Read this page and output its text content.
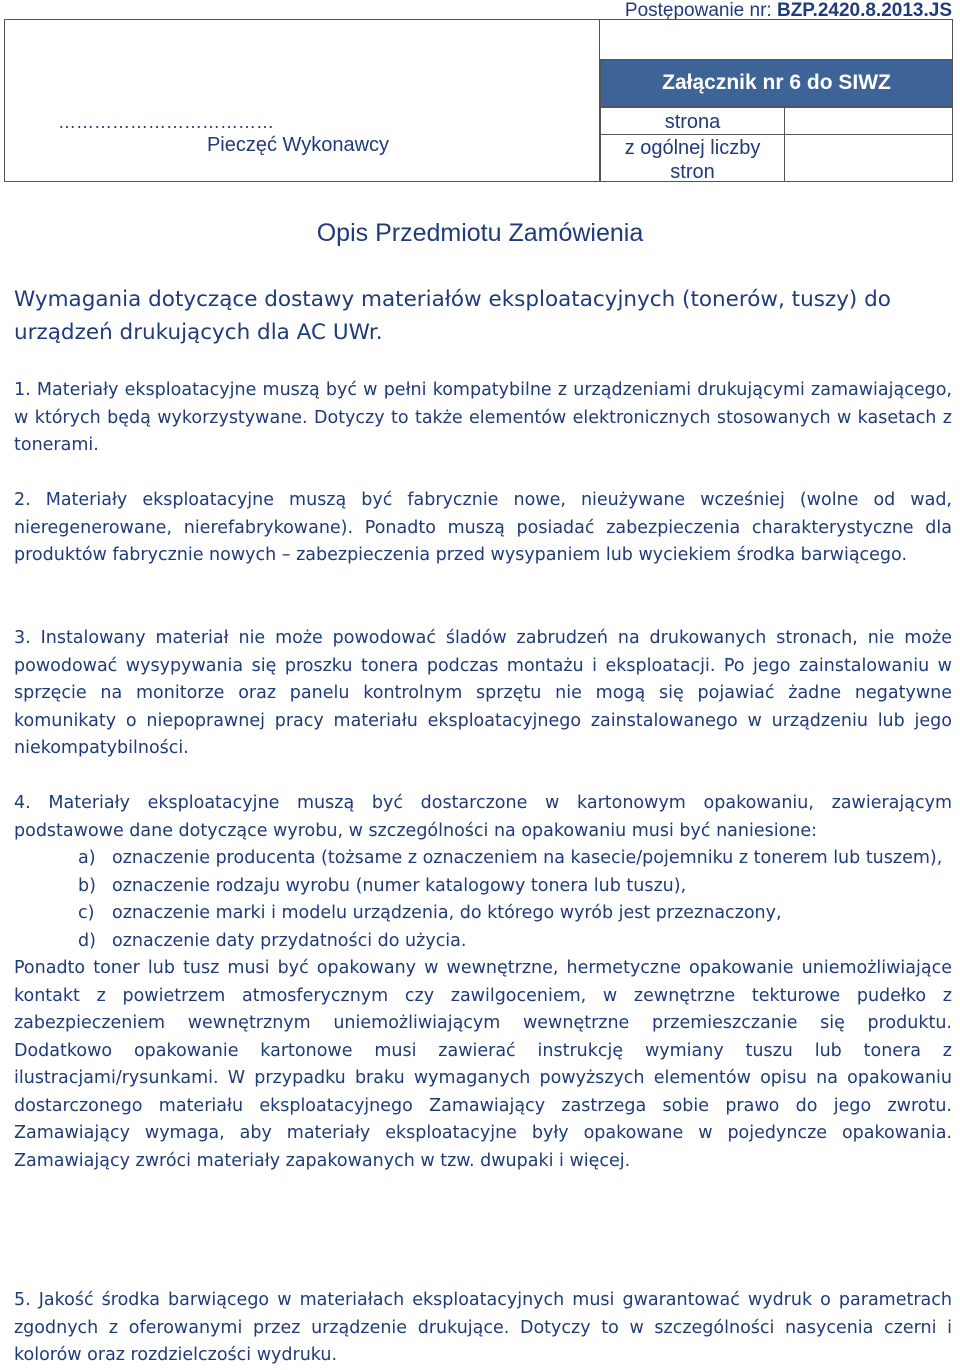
Postępowanie nr: BZP.2420.8.2013.JS
………………………………
Pieczęć Wykonawcy
Załącznik nr 6 do SIWZ
strona
z ogólnej liczby
stron
Opis Przedmiotu Zamówienia
Wymagania dotyczące dostawy materiałów eksploatacyjnych (tonerów, tuszy) do urządzeń drukujących dla AC UWr.

1. Materiały eksploatacyjne muszą być w pełni kompatybilne z urządzeniami drukującymi zamawiającego, w których będą wykorzystywane. Dotyczy to także elementów elektronicznych stosowanych w kasetach z tonerami.

2. Materiały eksploatacyjne muszą być fabrycznie nowe, nieużywane wcześniej (wolne od wad, nieregenerowane, nierefabrykowane). Ponadto muszą posiadać zabezpieczenia charakterystyczne dla produktów fabrycznie nowych – zabezpieczenia przed wysypaniem lub wyciekiem środka barwiącego.

3. Instalowany materiał nie może powodować śladów zabrudzeń na drukowanych stronach, nie może powodować wysypywania się proszku tonera podczas montażu i eksploatacji. Po jego zainstalowaniu w sprzęcie na monitorze oraz panelu kontrolnym sprzętu nie mogą się pojawiać żadne negatywne komunikaty o niepoprawnej pracy materiału eksploatacyjnego zainstalowanego w urządzeniu lub jego niekompatybilności.

4. Materiały eksploatacyjne muszą być dostarczone w kartonowym opakowaniu, zawierającym podstawowe dane dotyczące wyrobu, w szczególności na opakowaniu musi być naniesione:

a) oznaczenie producenta (tożsame z oznaczeniem na kasecie/pojemniku z tonerem lub tuszem),
b) oznaczenie rodzaju wyrobu (numer katalogowy tonera lub tuszu),
c) oznaczenie marki i modelu urządzenia, do którego wyrób jest przeznaczony,
d) oznaczenie daty przydatności do użycia.

Ponadto toner lub tusz musi być opakowany w wewnętrzne, hermetyczne opakowanie uniemożliwiające kontakt z powietrzem atmosferycznym czy zawilgoceniem, w zewnętrzne tekturowe pudełko z zabezpieczeniem wewnętrznym uniemożliwiającym wewnętrzne przemieszczanie się produktu. Dodatkowo opakowanie kartonowe musi zawierać instrukcję wymiany tuszu lub tonera z ilustracjami/rysunkami. W przypadku braku wymaganych powyższych elementów opisu na opakowaniu dostarczonego materiału eksploatacyjnego Zamawiający zastrzega sobie prawo do jego zwrotu. Zamawiający wymaga, aby materiały eksploatacyjne były opakowane w pojedyncze opakowania. Zamawiający zwróci materiały zapakowanych w tzw. dwupaki i więcej.

5. Jakość środka barwiącego w materiałach eksploatacyjnych musi gwarantować wydruk o parametrach zgodnych z oferowanymi przez urządzenie drukujące. Dotyczy to w szczególności nasycenia czerni i kolorów oraz rozdzielczości wydruku.
